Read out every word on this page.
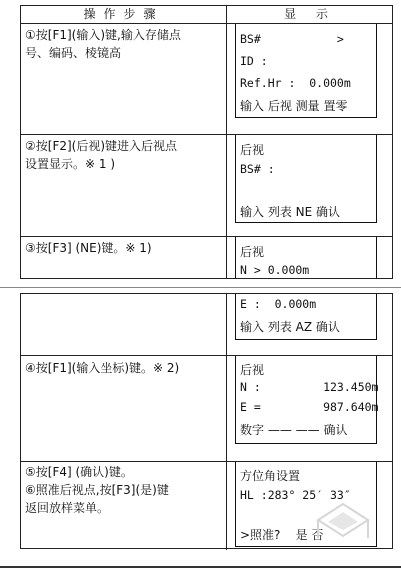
操作步骤	显 示
①按[F1](输入)键,输入存储点
号、编码、棱镜高
②按[F2](后视)键进入后视点
设置显示。※ 1 )
③按[F3] (NE)键。※ 1)
BS#           >
ID :
Ref.Hr :  0.000m
输入 后视 测量 置零
后视
BS# :
输入 列表 NE 确认
后视
N > 0.000m
④按[F1](输入坐标)键。※ 2)
⑤按[F4] (确认)键。
⑥照准后视点,按[F3](是)键
返回放样菜单。
E :  0.000m
输入 列表 AZ 确认
后视
N :         123.450m
E =         987.640m
数字 —— —— 确认
方位角设置
HL :283° 25′ 33″
>照准?    是 否
